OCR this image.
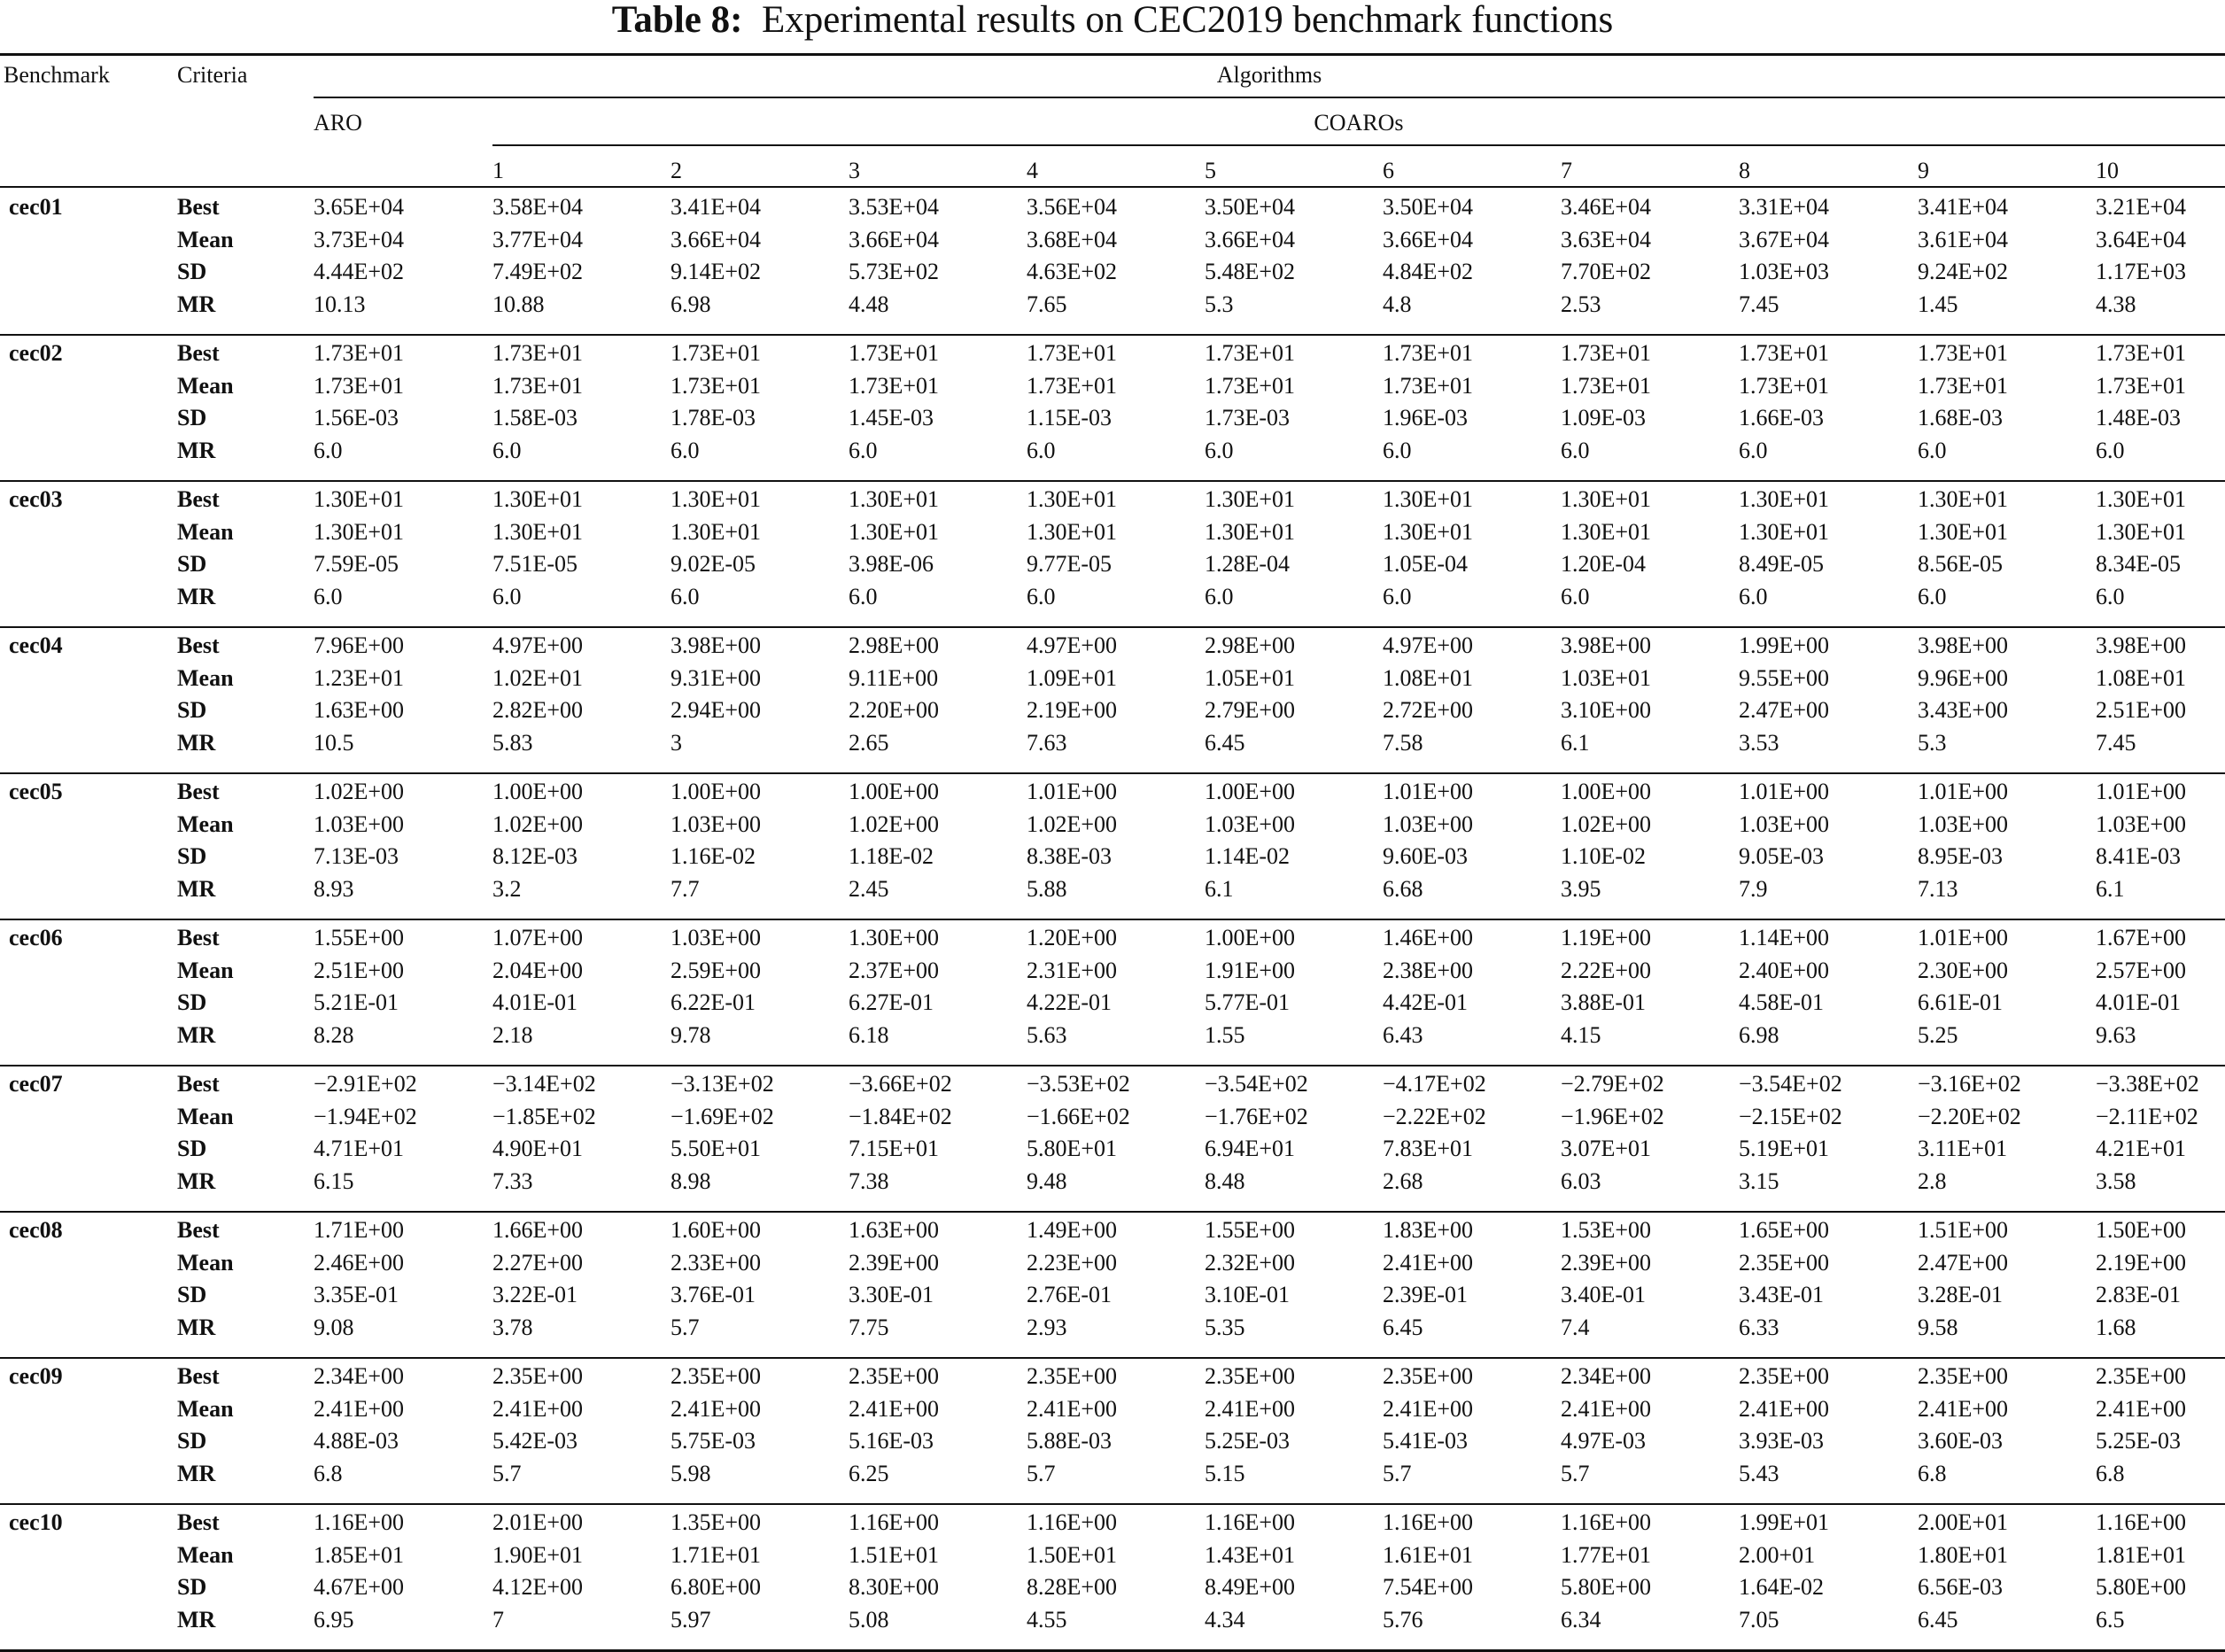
Table 8: Experimental results on CEC2019 benchmark functions
Benchmark	Criteria	Algorithms
ARO	COAROs
1	2	3	4	5	6	7	8	9	10
cec01	Best	3.65E+04	3.58E+04	3.41E+04	3.53E+04	3.56E+04	3.50E+04	3.50E+04	3.46E+04	3.31E+04	3.41E+04	3.21E+04
Mean	3.73E+04	3.77E+04	3.66E+04	3.66E+04	3.68E+04	3.66E+04	3.66E+04	3.63E+04	3.67E+04	3.61E+04	3.64E+04
SD	4.44E+02	7.49E+02	9.14E+02	5.73E+02	4.63E+02	5.48E+02	4.84E+02	7.70E+02	1.03E+03	9.24E+02	1.17E+03
MR	10.13	10.88	6.98	4.48	7.65	5.3	4.8	2.53	7.45	1.45	4.38
cec02	Best	1.73E+01	1.73E+01	1.73E+01	1.73E+01	1.73E+01	1.73E+01	1.73E+01	1.73E+01	1.73E+01	1.73E+01	1.73E+01
Mean	1.73E+01	1.73E+01	1.73E+01	1.73E+01	1.73E+01	1.73E+01	1.73E+01	1.73E+01	1.73E+01	1.73E+01	1.73E+01
SD	1.56E-03	1.58E-03	1.78E-03	1.45E-03	1.15E-03	1.73E-03	1.96E-03	1.09E-03	1.66E-03	1.68E-03	1.48E-03
MR	6.0	6.0	6.0	6.0	6.0	6.0	6.0	6.0	6.0	6.0	6.0
cec03	Best	1.30E+01	1.30E+01	1.30E+01	1.30E+01	1.30E+01	1.30E+01	1.30E+01	1.30E+01	1.30E+01	1.30E+01	1.30E+01
Mean	1.30E+01	1.30E+01	1.30E+01	1.30E+01	1.30E+01	1.30E+01	1.30E+01	1.30E+01	1.30E+01	1.30E+01	1.30E+01
SD	7.59E-05	7.51E-05	9.02E-05	3.98E-06	9.77E-05	1.28E-04	1.05E-04	1.20E-04	8.49E-05	8.56E-05	8.34E-05
MR	6.0	6.0	6.0	6.0	6.0	6.0	6.0	6.0	6.0	6.0	6.0
cec04	Best	7.96E+00	4.97E+00	3.98E+00	2.98E+00	4.97E+00	2.98E+00	4.97E+00	3.98E+00	1.99E+00	3.98E+00	3.98E+00
Mean	1.23E+01	1.02E+01	9.31E+00	9.11E+00	1.09E+01	1.05E+01	1.08E+01	1.03E+01	9.55E+00	9.96E+00	1.08E+01
SD	1.63E+00	2.82E+00	2.94E+00	2.20E+00	2.19E+00	2.79E+00	2.72E+00	3.10E+00	2.47E+00	3.43E+00	2.51E+00
MR	10.5	5.83	3	2.65	7.63	6.45	7.58	6.1	3.53	5.3	7.45
cec05	Best	1.02E+00	1.00E+00	1.00E+00	1.00E+00	1.01E+00	1.00E+00	1.01E+00	1.00E+00	1.01E+00	1.01E+00	1.01E+00
Mean	1.03E+00	1.02E+00	1.03E+00	1.02E+00	1.02E+00	1.03E+00	1.03E+00	1.02E+00	1.03E+00	1.03E+00	1.03E+00
SD	7.13E-03	8.12E-03	1.16E-02	1.18E-02	8.38E-03	1.14E-02	9.60E-03	1.10E-02	9.05E-03	8.95E-03	8.41E-03
MR	8.93	3.2	7.7	2.45	5.88	6.1	6.68	3.95	7.9	7.13	6.1
cec06	Best	1.55E+00	1.07E+00	1.03E+00	1.30E+00	1.20E+00	1.00E+00	1.46E+00	1.19E+00	1.14E+00	1.01E+00	1.67E+00
Mean	2.51E+00	2.04E+00	2.59E+00	2.37E+00	2.31E+00	1.91E+00	2.38E+00	2.22E+00	2.40E+00	2.30E+00	2.57E+00
SD	5.21E-01	4.01E-01	6.22E-01	6.27E-01	4.22E-01	5.77E-01	4.42E-01	3.88E-01	4.58E-01	6.61E-01	4.01E-01
MR	8.28	2.18	9.78	6.18	5.63	1.55	6.43	4.15	6.98	5.25	9.63
cec07	Best	−2.91E+02	−3.14E+02	−3.13E+02	−3.66E+02	−3.53E+02	−3.54E+02	−4.17E+02	−2.79E+02	−3.54E+02	−3.16E+02	−3.38E+02
Mean	−1.94E+02	−1.85E+02	−1.69E+02	−1.84E+02	−1.66E+02	−1.76E+02	−2.22E+02	−1.96E+02	−2.15E+02	−2.20E+02	−2.11E+02
SD	4.71E+01	4.90E+01	5.50E+01	7.15E+01	5.80E+01	6.94E+01	7.83E+01	3.07E+01	5.19E+01	3.11E+01	4.21E+01
MR	6.15	7.33	8.98	7.38	9.48	8.48	2.68	6.03	3.15	2.8	3.58
cec08	Best	1.71E+00	1.66E+00	1.60E+00	1.63E+00	1.49E+00	1.55E+00	1.83E+00	1.53E+00	1.65E+00	1.51E+00	1.50E+00
Mean	2.46E+00	2.27E+00	2.33E+00	2.39E+00	2.23E+00	2.32E+00	2.41E+00	2.39E+00	2.35E+00	2.47E+00	2.19E+00
SD	3.35E-01	3.22E-01	3.76E-01	3.30E-01	2.76E-01	3.10E-01	2.39E-01	3.40E-01	3.43E-01	3.28E-01	2.83E-01
MR	9.08	3.78	5.7	7.75	2.93	5.35	6.45	7.4	6.33	9.58	1.68
cec09	Best	2.34E+00	2.35E+00	2.35E+00	2.35E+00	2.35E+00	2.35E+00	2.35E+00	2.34E+00	2.35E+00	2.35E+00	2.35E+00
Mean	2.41E+00	2.41E+00	2.41E+00	2.41E+00	2.41E+00	2.41E+00	2.41E+00	2.41E+00	2.41E+00	2.41E+00	2.41E+00
SD	4.88E-03	5.42E-03	5.75E-03	5.16E-03	5.88E-03	5.25E-03	5.41E-03	4.97E-03	3.93E-03	3.60E-03	5.25E-03
MR	6.8	5.7	5.98	6.25	5.7	5.15	5.7	5.7	5.43	6.8	6.8
cec10	Best	1.16E+00	2.01E+00	1.35E+00	1.16E+00	1.16E+00	1.16E+00	1.16E+00	1.16E+00	1.99E+01	2.00E+01	1.16E+00
Mean	1.85E+01	1.90E+01	1.71E+01	1.51E+01	1.50E+01	1.43E+01	1.61E+01	1.77E+01	2.00+01	1.80E+01	1.81E+01
SD	4.67E+00	4.12E+00	6.80E+00	8.30E+00	8.28E+00	8.49E+00	7.54E+00	5.80E+00	1.64E-02	6.56E-03	5.80E+00
MR	6.95	7	5.97	5.08	4.55	4.34	5.76	6.34	7.05	6.45	6.5
